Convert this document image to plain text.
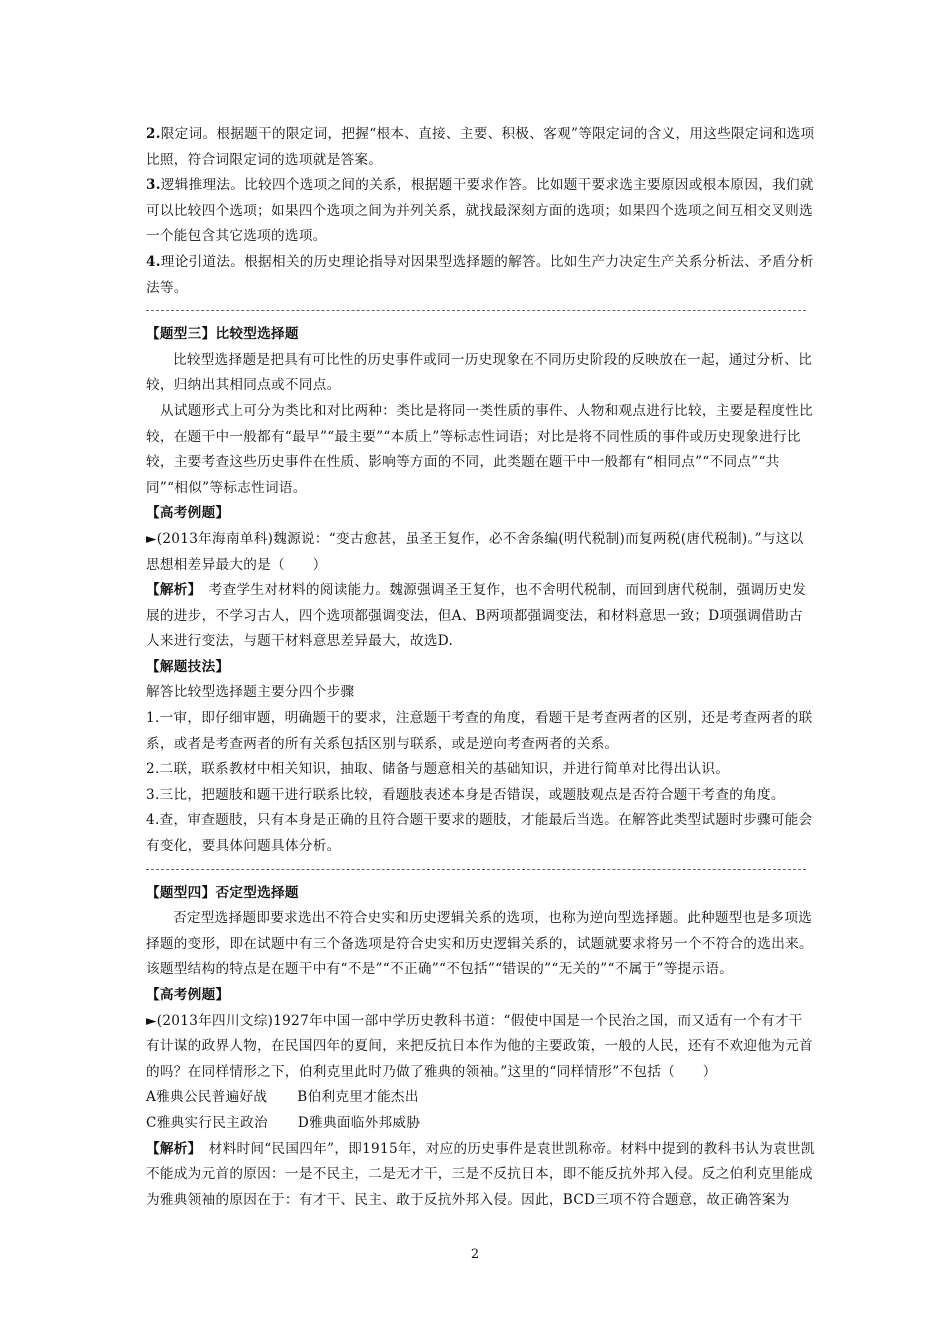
2.限定词。根据题干的限定词，把握“根本、直接、主要、积极、客观”等限定词的含义，用这些限定词和选项比照，符合词限定词的选项就是答案。

3.逻辑推理法。比较四个选项之间的关系，根据题干要求作答。比如题干要求选主要原因或根本原因，我们就可以比较四个选项；如果四个选项之间为并列关系，就找最深刻方面的选项；如果四个选项之间互相交叉则选一个能包含其它选项的选项。

4.理论引道法。根据相关的历史理论指导对因果型选择题的解答。比如生产力决定生产关系分析法、矛盾分析法等。

【题型三】比较型选择题

比较型选择题是把具有可比性的历史事件或同一历史现象在不同历史阶段的反映放在一起，通过分析、比较，归纳出其相同点或不同点。

从试题形式上可分为类比和对比两种：类比是将同一类性质的事件、人物和观点进行比较，主要是程度性比较，在题干中一般都有“最早”“最主要”“本质上”等标志性词语；对比是将不同性质的事件或历史现象进行比较，主要考查这些历史事件在性质、影响等方面的不同，此类题在题干中一般都有“相同点”“不同点”“共同”“相似”等标志性词语。

【高考例题】

►(2013年海南单科)魏源说：“变古愈甚，虽圣王复作，必不舍条编(明代税制)而复两税(唐代税制)。”与这以思想相差异最大的是（　　）

【解析】　考查学生对材料的阅读能力。魏源强调圣王复作，也不舍明代税制，而回到唐代税制，强调历史发展的进步，不学习古人，四个选项都强调变法，但A、B两项都强调变法，和材料意思一致；D项强调借助古人来进行变法，与题干材料意思差异最大，故选D.

【解题技法】

解答比较型选择题主要分四个步骤

1.一审，即仔细审题，明确题干的要求，注意题干考查的角度，看题干是考查两者的区别，还是考查两者的联系，或者是考查两者的所有关系包括区别与联系，或是逆向考查两者的关系。

2.二联，联系教材中相关知识，抽取、储备与题意相关的基础知识，并进行简单对比得出认识。

3.三比，把题肢和题干进行联系比较，看题肢表述本身是否错误，或题肢观点是否符合题干考查的角度。

4.查，审查题肢，只有本身是正确的且符合题干要求的题肢，才能最后当选。在解答此类型试题时步骤可能会有变化，要具体问题具体分析。

【题型四】否定型选择题

否定型选择题即要求选出不符合史实和历史逻辑关系的选项，也称为逆向型选择题。此种题型也是多项选择题的变形，即在试题中有三个备选项是符合史实和历史逻辑关系的，试题就要求将另一个不符合的选出来。该题型结构的特点是在题干中有“不是”“不正确”“不包括”“错误的”“无关的”“不属于”等提示语。

【高考例题】

►(2013年四川文综)1927年中国一部中学历史教科书道：“假使中国是一个民治之国，而又适有一个有才干有计谋的政界人物，在民国四年的夏间，来把反抗日本作为他的主要政策，一般的人民，还有不欢迎他为元首的吗？在同样情形之下，伯利克里此时乃做了雅典的领袖。”这里的“同样情形”不包括（　　）

A雅典公民普遍好战 B伯利克里才能杰出

C雅典实行民主政治 D雅典面临外邦威胁

【解析】　材料时间“民国四年”，即1915年，对应的历史事件是袁世凯称帝。材料中提到的教科书认为袁世凯不能成为元首的原因：一是不民主，二是无才干，三是不反抗日本，即不能反抗外邦入侵。反之伯利克里能成为雅典领袖的原因在于：有才干、民主、敢于反抗外邦入侵。因此，BCD三项不符合题意，故正确答案为

2
